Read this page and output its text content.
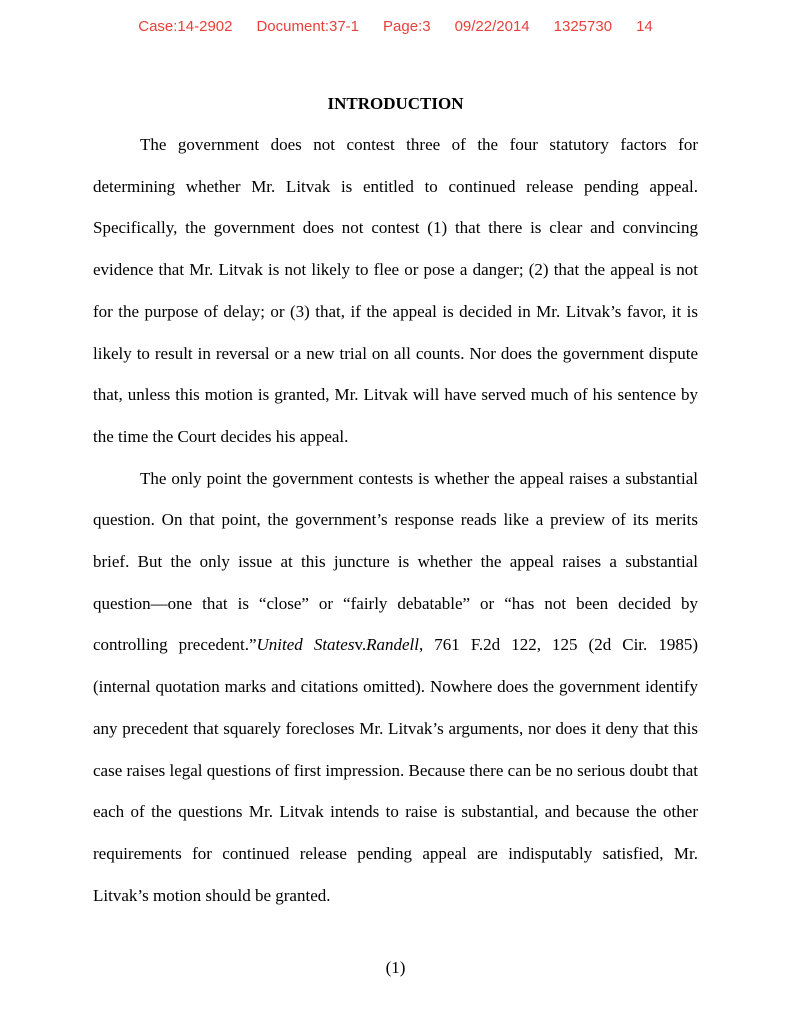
Case:14-2902 Document:37-1 Page:3 09/22/2014 1325730 14
INTRODUCTION

The government does not contest three of the four statutory factors for determining whether Mr. Litvak is entitled to continued release pending appeal. Specifically, the government does not contest (1) that there is clear and convincing evidence that Mr. Litvak is not likely to flee or pose a danger; (2) that the appeal is not for the purpose of delay; or (3) that, if the appeal is decided in Mr. Litvak’s favor, it is likely to result in reversal or a new trial on all counts. Nor does the government dispute that, unless this motion is granted, Mr. Litvak will have served much of his sentence by the time the Court decides his appeal.

The only point the government contests is whether the appeal raises a substantial question. On that point, the government’s response reads like a preview of its merits brief. But the only issue at this juncture is whether the appeal raises a substantial question—one that is “close” or “fairly debatable” or “has not been decided by controlling precedent.”United Statesv.Randell, 761 F.2d 122, 125 (2d Cir. 1985) (internal quotation marks and citations omitted). Nowhere does the government identify any precedent that squarely forecloses Mr. Litvak’s arguments, nor does it deny that this case raises legal questions of first impression. Because there can be no serious doubt that each of the questions Mr. Litvak intends to raise is substantial, and because the other requirements for continued release pending appeal are indisputably satisfied, Mr. Litvak’s motion should be granted.

(1)
